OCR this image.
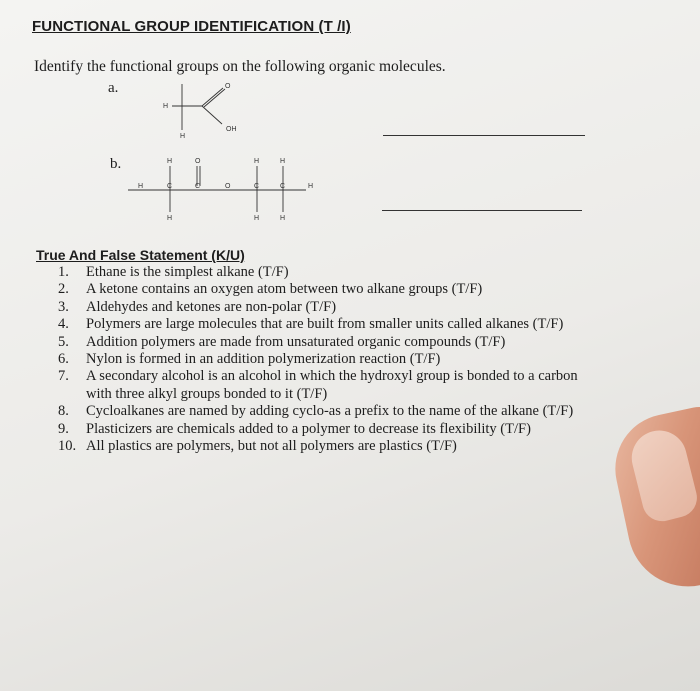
FUNCTIONAL GROUP IDENTIFICATION (T /I)
Identify the functional groups on the following organic molecules.
a.
H
O
H
OH
b.	H	O	H	H
H	C	C	O	C	C	H
H	H	H
True And False Statement (K/U)
1.	Ethane is the simplest alkane (T/F)
2.	A ketone contains an oxygen atom between two alkane groups (T/F)
3.	Aldehydes and ketones are non-polar (T/F)
4.	Polymers are large molecules that are built from smaller units called alkanes (T/F)
5.	Addition polymers are made from unsaturated organic compounds (T/F)
6.	Nylon is formed in an addition polymerization reaction (T/F)
7.	A secondary alcohol is an alcohol in which the hydroxyl group is bonded to a carbon with three alkyl groups bonded to it (T/F)
8.	Cycloalkanes are named by adding cyclo-as a prefix to the name of the alkane (T/F)
9.	Plasticizers are chemicals added to a polymer to decrease its flexibility (T/F)
10. All plastics are polymers, but not all polymers are plastics (T/F)
